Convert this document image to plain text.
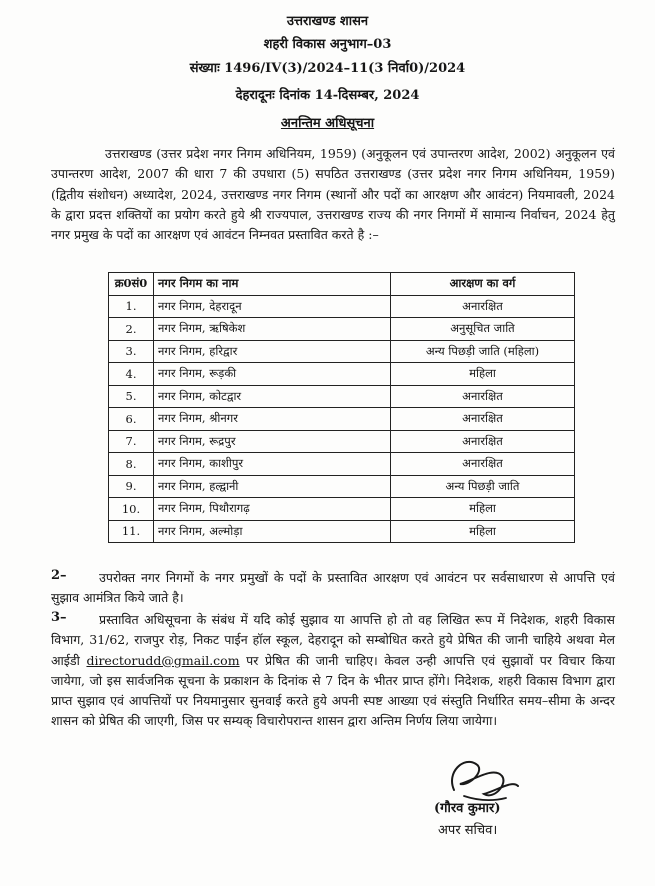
उत्तराखण्ड शासन
शहरी विकास अनुभाग–03
संख्याः 1496/IV(3)/2024–11(3 निर्वा0)/2024
देहरादूनः दिनांक 14-दिसम्बर, 2024
अनन्तिम अधिसूचना

उत्तराखण्ड (उत्तर प्रदेश नगर निगम अधिनियम, 1959) (अनुकूलन एवं उपान्तरण आदेश, 2002) अनुकूलन एवं उपान्तरण आदेश, 2007 की धारा 7 की उपधारा (5) सपठित उत्तराखण्ड (उत्तर प्रदेश नगर निगम अधिनियम, 1959) (द्वितीय संशोधन) अध्यादेश, 2024, उत्तराखण्ड नगर निगम (स्थानों और पदों का आरक्षण और आवंटन) नियमावली, 2024 के द्वारा प्रदत्त शक्तियों का प्रयोग करते हुये श्री राज्यपाल, उत्तराखण्ड राज्य की नगर निगमों में सामान्य निर्वाचन, 2024 हेतु नगर प्रमुख के पदों का आरक्षण एवं आवंटन निम्नवत प्रस्तावित करते है :–

क्र0सं0	नगर निगम का नाम	आरक्षण का वर्ग
1.	नगर निगम, देहरादून	अनारक्षित
2.	नगर निगम, ऋषिकेश	अनुसूचित जाति
3.	नगर निगम, हरिद्वार	अन्य पिछड़ी जाति (महिला)
4.	नगर निगम, रूड़की	महिला
5.	नगर निगम, कोटद्वार	अनारक्षित
6.	नगर निगम, श्रीनगर	अनारक्षित
7.	नगर निगम, रूद्रपुर	अनारक्षित
8.	नगर निगम, काशीपुर	अनारक्षित
9.	नगर निगम, हल्द्वानी	अन्य पिछड़ी जाति
10.	नगर निगम, पिथौरागढ़	महिला
11.	नगर निगम, अल्मोड़ा	महिला
2–	उपरोक्त नगर निगमों के नगर प्रमुखों के पदों के प्रस्तावित आरक्षण एवं आवंटन पर सर्वसाधारण से आपत्ति एवं सुझाव आमंत्रित किये जाते है।

3–	प्रस्तावित अधिसूचना के संबंध में यदि कोई सुझाव या आपत्ति हो तो वह लिखित रूप में निदेशक, शहरी विकास विभाग, 31/62, राजपुर रोड़, निकट पाईन हॉल स्कूल, देहरादून को सम्बोधित करते हुये प्रेषित की जानी चाहिये अथवा मेल आईडी directorudd@gmail.com पर प्रेषित की जानी चाहिए। केवल उन्ही आपत्ति एवं सुझावों पर विचार किया जायेगा, जो इस सार्वजनिक सूचना के प्रकाशन के दिनांक से 7 दिन के भीतर प्राप्त होंगे। निदेशक, शहरी विकास विभाग द्वारा प्राप्त सुझाव एवं आपत्तियों पर नियमानुसार सुनवाई करते हुये अपनी स्पष्ट आख्या एवं संस्तुति निर्धारित समय–सीमा के अन्दर शासन को प्रेषित की जाएगी, जिस पर सम्यक् विचारोपरान्त शासन द्वारा अन्तिम निर्णय लिया जायेगा।

(गौरव कुमार)
अपर सचिव।
